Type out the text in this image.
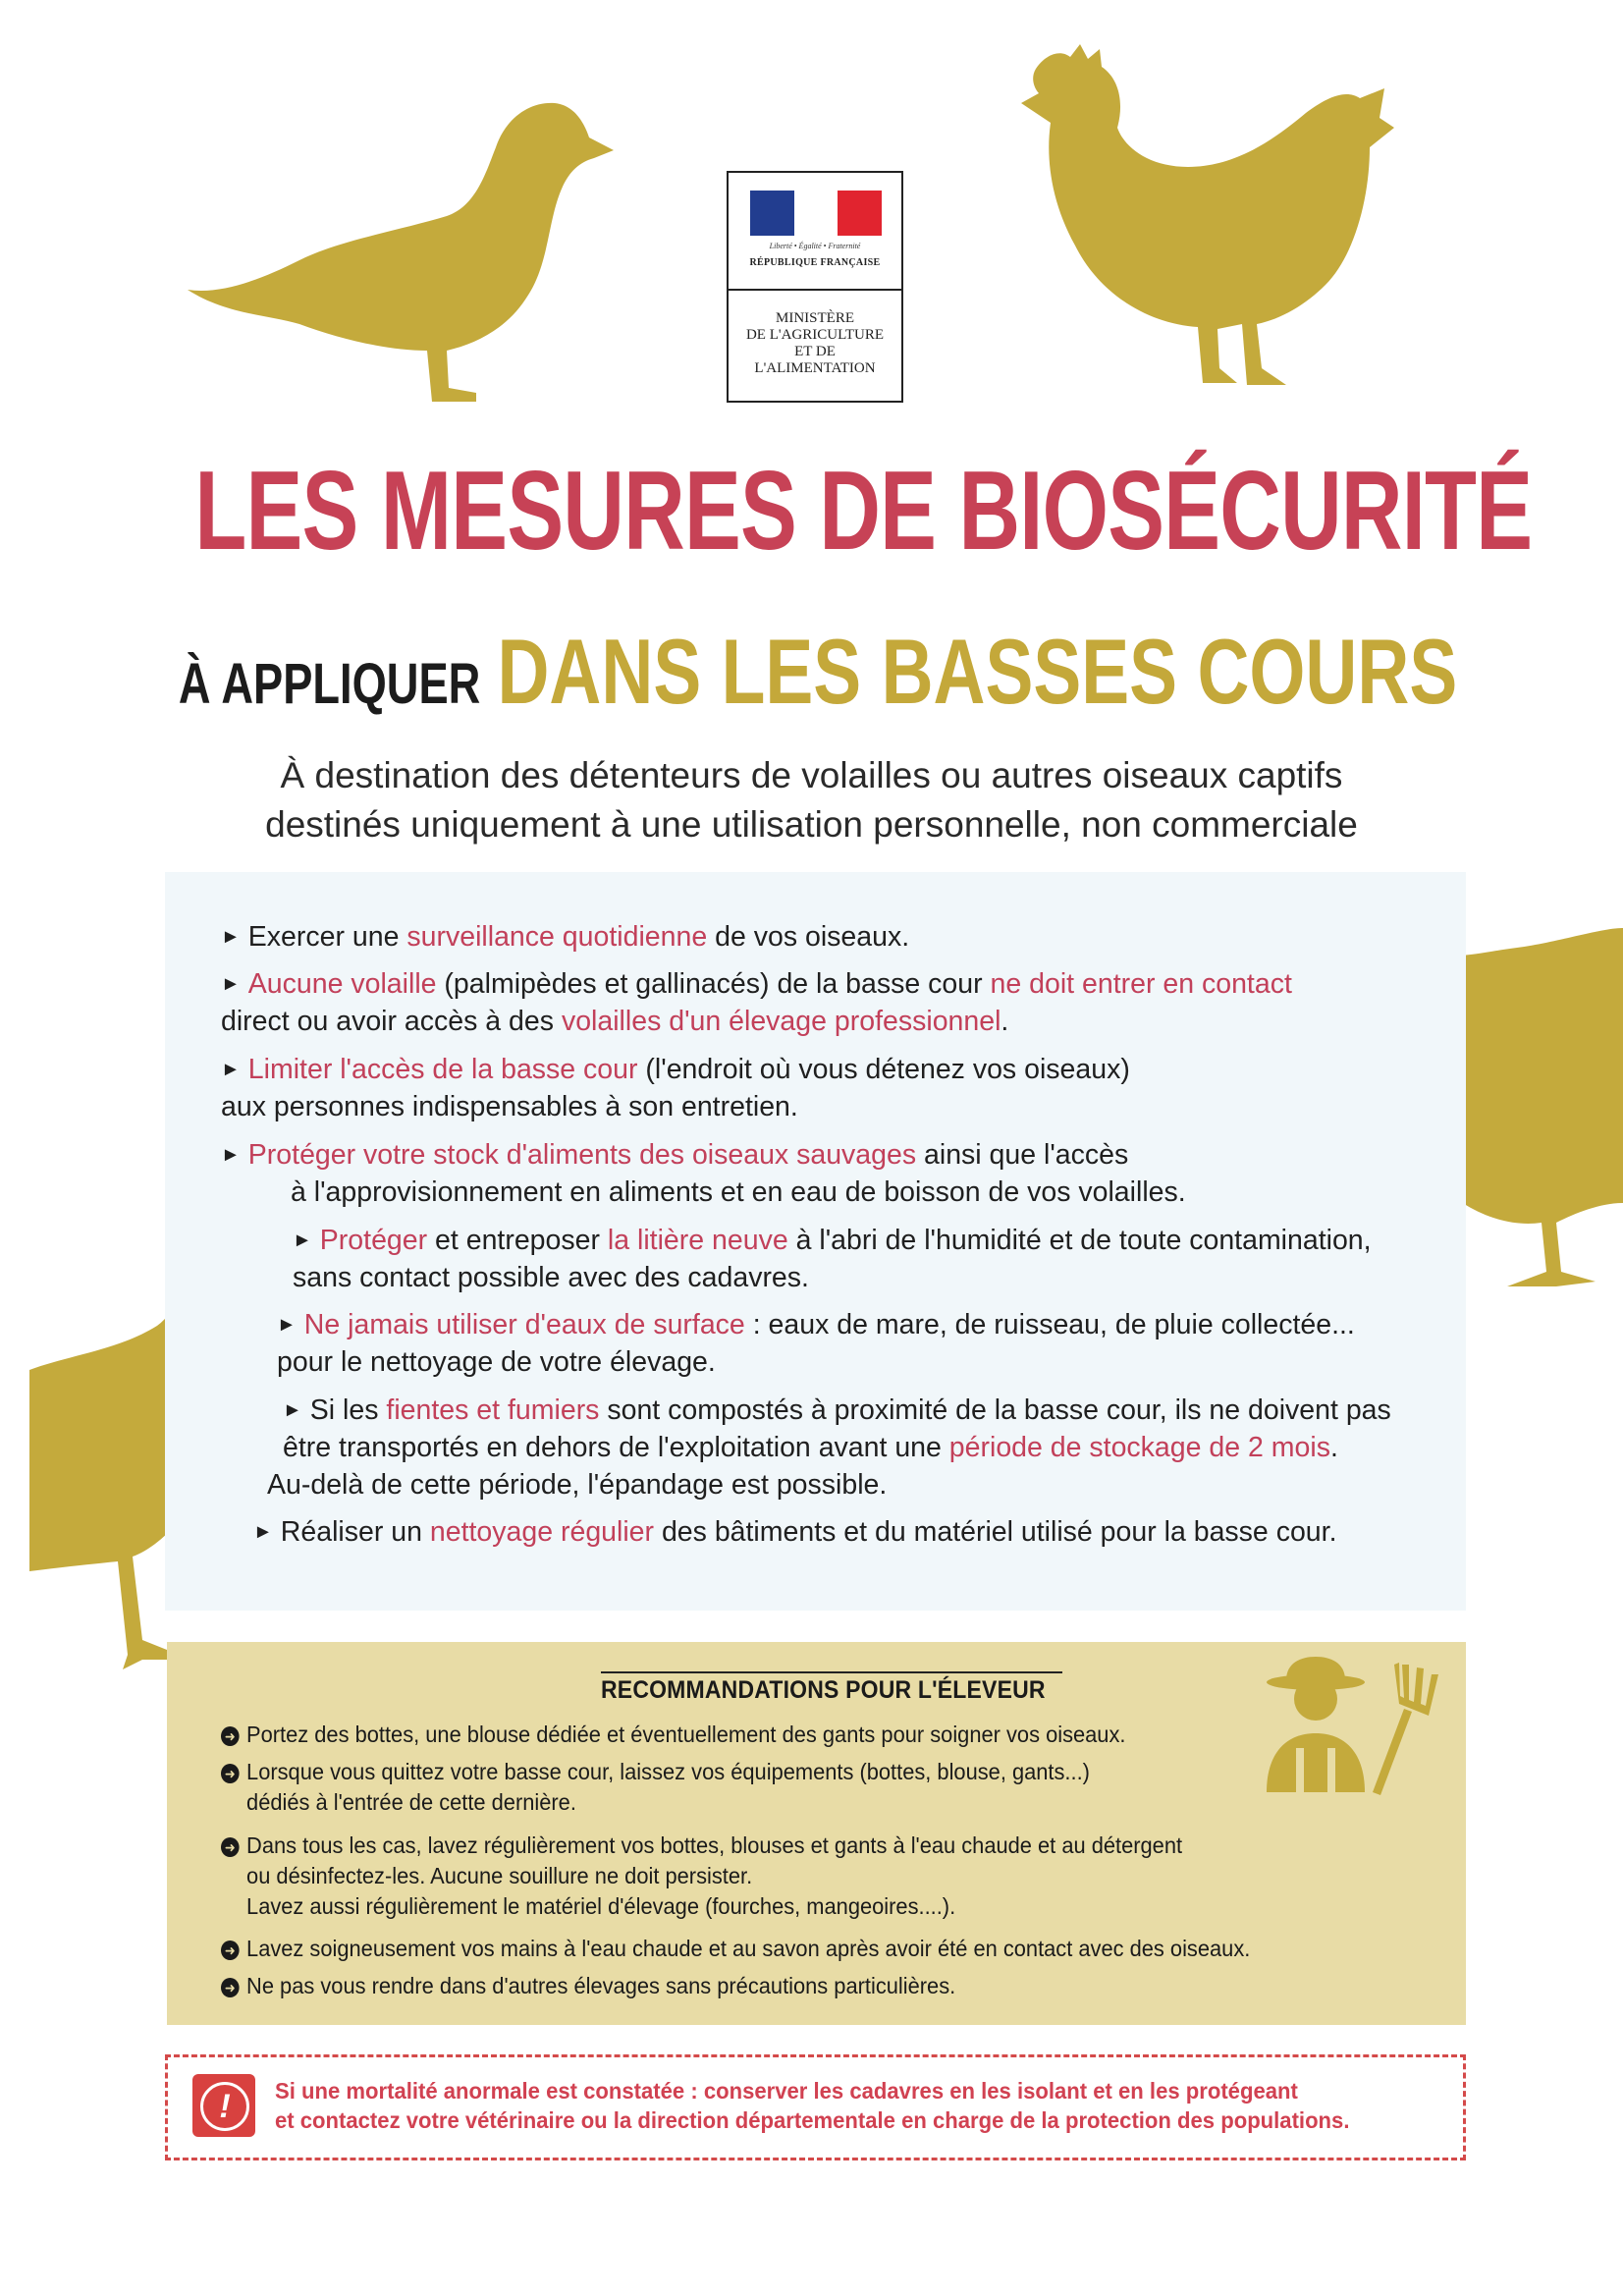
Liberté • Égalité • Fraternité
RÉPUBLIQUE FRANÇAISE
MINISTÈRE
DE L'AGRICULTURE
ET DE
L'ALIMENTATION
LES MESURES DE BIOSÉCURITÉ
À APPLIQUER DANS LES BASSES COURS
À destination des détenteurs de volailles ou autres oiseaux captifs
destinés uniquement à une utilisation personnelle, non commerciale
► Exercer une surveillance quotidienne de vos oiseaux.
► Aucune volaille (palmipèdes et gallinacés) de la basse cour ne doit entrer en contact
direct ou avoir accès à des volailles d'un élevage professionnel.
► Limiter l'accès de la basse cour (l'endroit où vous détenez vos oiseaux)
aux personnes indispensables à son entretien.
► Protéger votre stock d'aliments des oiseaux sauvages ainsi que l'accès
à l'approvisionnement en aliments et en eau de boisson de vos volailles.
► Protéger et entreposer la litière neuve à l'abri de l'humidité et de toute contamination,
sans contact possible avec des cadavres.
► Ne jamais utiliser d'eaux de surface : eaux de mare, de ruisseau, de pluie collectée...
pour le nettoyage de votre élevage.
► Si les fientes et fumiers sont compostés à proximité de la basse cour, ils ne doivent pas
être transportés en dehors de l'exploitation avant une période de stockage de 2 mois.
Au-delà de cette période, l'épandage est possible.
► Réaliser un nettoyage régulier des bâtiments et du matériel utilisé pour la basse cour.
RECOMMANDATIONS POUR L'ÉLEVEUR
➜ Portez des bottes, une blouse dédiée et éventuellement des gants pour soigner vos oiseaux.
➜ Lorsque vous quittez votre basse cour, laissez vos équipements (bottes, blouse, gants...)
dédiés à l'entrée de cette dernière.
➜ Dans tous les cas, lavez régulièrement vos bottes, blouses et gants à l'eau chaude et au détergent
ou désinfectez-les. Aucune souillure ne doit persister.
Lavez aussi régulièrement le matériel d'élevage (fourches, mangeoires....).
➜ Lavez soigneusement vos mains à l'eau chaude et au savon après avoir été en contact avec des oiseaux.
➜ Ne pas vous rendre dans d'autres élevages sans précautions particulières.
!	Si une mortalité anormale est constatée : conserver les cadavres en les isolant et en les protégeant
et contactez votre vétérinaire ou la direction départementale en charge de la protection des populations.
